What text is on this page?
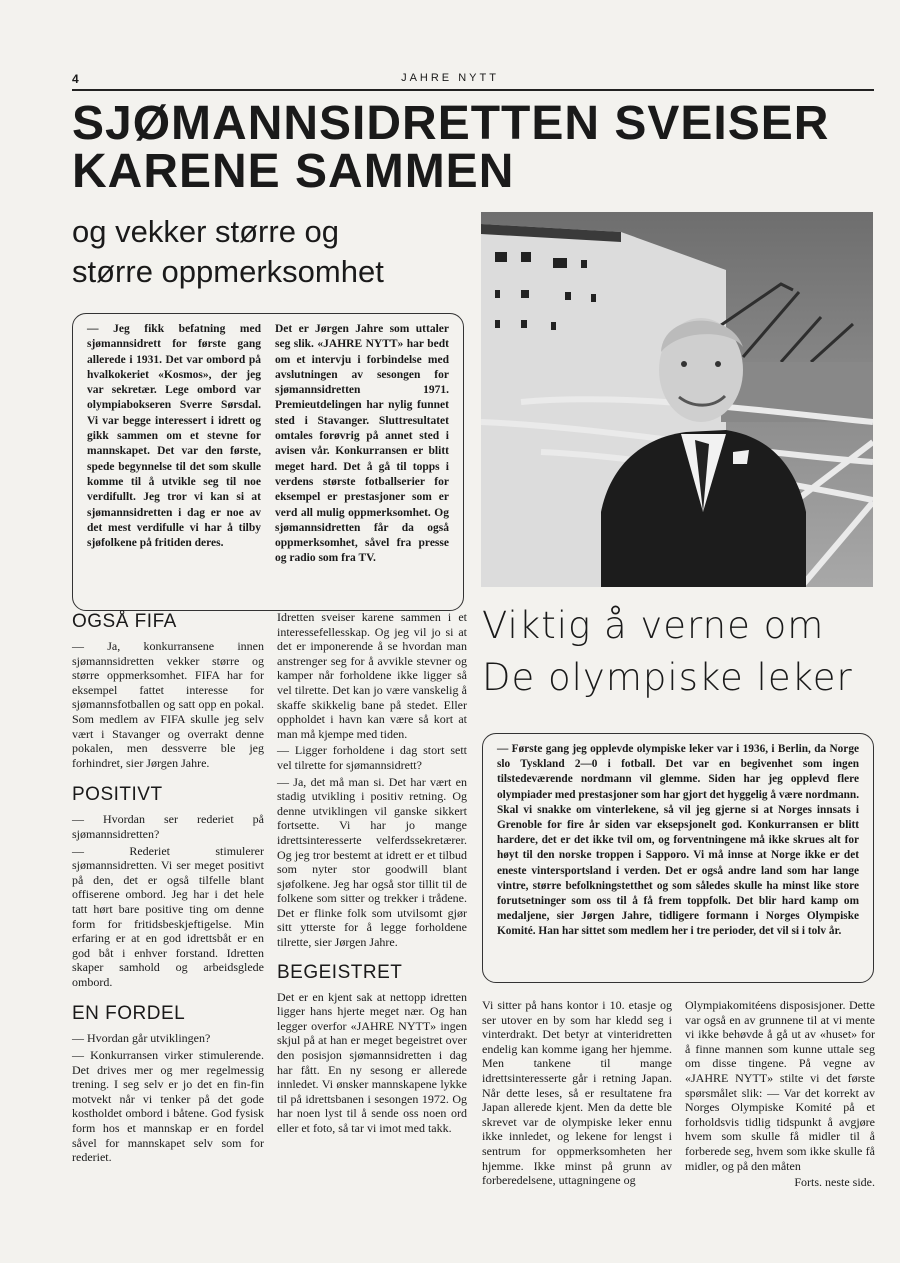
4	JAHRE NYTT
SJØMANNSIDRETTEN SVEISER
KARENE SAMMEN
og vekker større og
større oppmerksomhet
— Jeg fikk befatning med sjømannsidrett for første gang allerede i 1931. Det var ombord på hvalkokeriet «Kosmos», der jeg var sekretær. Lege ombord var olympiabokseren Sverre Sørsdal. Vi var begge interessert i idrett og gikk sammen om et stevne for mannskapet. Det var den første, spede begynnelse til det som skulle komme til å utvikle seg til noe verdifullt. Jeg tror vi kan si at sjømannsidretten i dag er noe av det mest verdifulle vi har å tilby sjøfolkene på fritiden deres.
Det er Jørgen Jahre som uttaler seg slik. «JAHRE NYTT» har bedt om et intervju i forbindelse med avslutningen av sesongen for sjømannsidretten 1971. Premieutdelingen har nylig funnet sted i Stavanger. Sluttresultatet omtales forøvrig på annet sted i avisen vår. Konkurransen er blitt meget hard. Det å gå til topps i verdens største fotballserier for eksempel er prestasjoner som er verd all mulig oppmerksomhet. Og sjømannsidretten får da også oppmerksomhet, såvel fra presse og radio som fra TV.
OGSÅ FIFA

— Ja, konkurransene innen sjømannsidretten vekker større og større oppmerksomhet. FIFA har for eksempel fattet interesse for sjømannsfotballen og satt opp en pokal. Som medlem av FIFA skulle jeg selv vært i Stavanger og overrakt denne pokalen, men dessverre ble jeg forhindret, sier Jørgen Jahre.

POSITIVT

— Hvordan ser rederiet på sjømannsidretten?

— Rederiet stimulerer sjømannsidretten. Vi ser meget positivt på den, det er også tilfelle blant offiserene ombord. Jeg har i det hele tatt hørt bare positive ting om denne form for fritidsbeskjeftigelse. Min erfaring er at en god idrettsbåt er en god båt i enhver forstand. Idretten skaper samhold og arbeidsglede ombord.

EN FORDEL

— Hvordan går utviklingen?

— Konkurransen virker stimulerende. Det drives mer og mer regelmessig trening. I seg selv er jo det en fin-fin motvekt når vi tenker på det gode kostholdet ombord i båtene. God fysisk form hos et mannskap er en fordel såvel for mannskapet selv som for rederiet.

Idretten sveiser karene sammen i et interessefellesskap. Og jeg vil jo si at det er imponerende å se hvordan man anstrenger seg for å avvikle stevner og kamper når forholdene ikke ligger så vel tilrette. Det kan jo være vanskelig å skaffe skikkelig bane på stedet. Eller oppholdet i havn kan være så kort at man må kjempe med tiden.

— Ligger forholdene i dag stort sett vel tilrette for sjømannsidrett?

— Ja, det må man si. Det har vært en stadig utvikling i positiv retning. Og denne utviklingen vil ganske sikkert fortsette. Vi har jo mange idrettsinteresserte velferdssekretærer. Og jeg tror bestemt at idrett er et tilbud som nyter stor goodwill blant sjøfolkene. Jeg har også stor tillit til de folkene som sitter og trekker i trådene. Det er flinke folk som utvilsomt gjør sitt ytterste for å legge forholdene tilrette, sier Jørgen Jahre.

BEGEISTRET

Det er en kjent sak at nettopp idretten ligger hans hjerte meget nær. Og han legger overfor «JAHRE NYTT» ingen skjul på at han er meget begeistret over den posisjon sjømannsidretten i dag har fått. En ny sesong er allerede innledet. Vi ønsker mannskapene lykke til på idrettsbanen i sesongen 1972. Og har noen lyst til å sende oss noen ord eller et foto, så tar vi imot med takk.

Viktig å verne om
De olympiske leker

— Første gang jeg opplevde olympiske leker var i 1936, i Berlin, da Norge slo Tyskland 2—0 i fotball. Det var en begivenhet som ingen tilstedeværende nordmann vil glemme. Siden har jeg opplevd flere olympiader med prestasjoner som har gjort det hyggelig å være nordmann. Skal vi snakke om vinterlekene, så vil jeg gjerne si at Norges innsats i Grenoble for fire år siden var eksepsjonelt god. Konkurransen er blitt hardere, det er det ikke tvil om, og forventningene må ikke skrues alt for høyt til den norske troppen i Sapporo. Vi må innse at Norge ikke er det eneste vintersportsland i verden. Det er også andre land som har lange vintre, større befolkningstetthet og som således skulle ha minst like store forutsetninger som oss til å få frem toppfolk. Det blir hard kamp om medaljene, sier Jørgen Jahre, tidligere formann i Norges Olympiske Komité. Han har sittet som medlem her i tre perioder, det vil si i tolv år.

Vi sitter på hans kontor i 10. etasje og ser utover en by som har kledd seg i vinterdrakt. Det betyr at vinteridretten endelig kan komme igang her hjemme. Men tankene til mange idrettsinteresserte går i retning Japan. Når dette leses, så er resultatene fra Japan allerede kjent. Men da dette ble skrevet var de olympiske leker ennu ikke innledet, og lekene for lengst i sentrum for oppmerksomheten her hjemme. Ikke minst på grunn av forberedelsene, uttagningene og

Olympiakomitéens disposisjoner. Dette var også en av grunnene til at vi mente vi ikke behøvde å gå ut av «huset» for å finne mannen som kunne uttale seg om disse tingene. På vegne av «JAHRE NYTT» stilte vi det første spørsmålet slik: — Var det korrekt av Norges Olympiske Komité på et forholdsvis tidlig tidspunkt å avgjøre hvem som skulle få midler til å forberede seg, hvem som ikke skulle få midler, og på den måten

Forts. neste side.
